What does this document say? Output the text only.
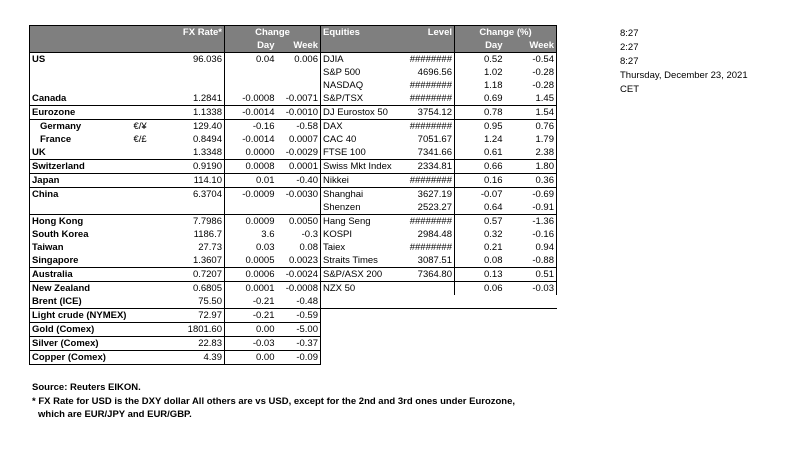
		FX Rate*	Change		Equities	Level	Change (%)	
			Day	Week			Day	Week
US		96.036	0.04	0.006	DJIA	########	0.52	-0.54
					S&P 500	4696.56	1.02	-0.28
					NASDAQ	########	1.18	-0.28
Canada		1.2841	-0.0008	-0.0071	S&P/TSX	########	0.69	1.45
Eurozone		1.1338	-0.0014	-0.0010	DJ Eurostox 50	3754.12	0.78	1.54
Germany	€/¥	129.40	-0.16	-0.58	DAX	########	0.95	0.76
France	€/£	0.8494	-0.0014	0.0007	CAC 40	7051.67	1.24	1.79
UK		1.3348	0.0000	-0.0029	FTSE 100	7341.66	0.61	2.38
Switzerland		0.9190	0.0008	0.0001	Swiss Mkt Index	2334.81	0.66	1.80
Japan		114.10	0.01	-0.40	Nikkei	########	0.16	0.36
China		6.3704	-0.0009	-0.0030	Shanghai	3627.19	-0.07	-0.69
					Shenzen	2523.27	0.64	-0.91
Hong Kong		7.7986	0.0009	0.0050	Hang Seng	########	0.57	-1.36
South Korea		1186.7	3.6	-0.3	KOSPI	2984.48	0.32	-0.16
Taiwan		27.73	0.03	0.08	Taiex	########	0.21	0.94
Singapore		1.3607	0.0005	0.0023	Straits Times	3087.51	0.08	-0.88
Australia		0.7207	0.0006	-0.0024	S&P/ASX 200	7364.80	0.13	0.51
New Zealand		0.6805	0.0001	-0.0008	NZX 50		0.06	-0.03
Brent (ICE)		75.50	-0.21	-0.48				
Light crude (NYMEX)		72.97	-0.21	-0.59				
Gold (Comex)		1801.60	0.00	-5.00				
Silver (Comex)		22.83	-0.03	-0.37				
Copper (Comex)		4.39	0.00	-0.09				
8:27
2:27
8:27
Thursday, December 23, 2021
CET
Source: Reuters EIKON.
* FX Rate for USD is the DXY dollar All others are vs USD, except for the 2nd and 3rd ones under Eurozone,
which are EUR/JPY and EUR/GBP.
